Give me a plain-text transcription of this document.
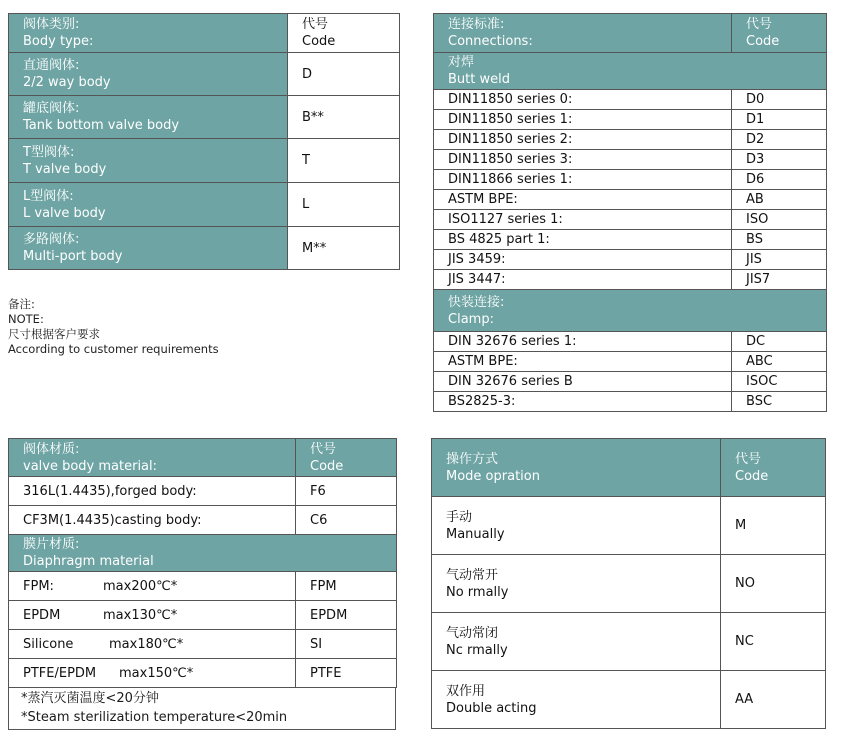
阀体类别:
Body type:	代号
Code

直通阀体:
2/2 way body	D

罐底阀体:
Tank bottom valve body	B**

T型阀体:
T valve body	T

L型阀体:
L valve body	L

多路阀体:
Multi-port body	M**
备注:
NOTE:
尺寸根据客户要求
According to customer requirements
连接标准:
Connections:	代号
Code

对焊
Butt weld	

DIN11850 series 0:	D0
DIN11850 series 1:	D1
DIN11850 series 2:	D2
DIN11850 series 3:	D3
DIN11866 series 1:	D6
ASTM BPE:	AB
ISO1127 series 1:	ISO
BS 4825 part 1:	BS
JIS 3459:	JIS
JIS 3447:	JIS7

快装连接:
Clamp:	

DIN 32676 series 1:	DC
ASTM BPE:	ABC
DIN 32676 series B	ISOC
BS2825-3:	BSC
阀体材质:
valve body material:	代号
Code

316L(1.4435),forged body:	F6
CF3M(1.4435)casting body:	C6

膜片材质:
Diaphragm material	

FPM: max200℃*	FPM
EPDM max130℃*	EPDM
Silicone max180℃*	SI
PTFE/EPDM max150℃*	PTFE
*蒸汽灭菌温度<20分钟
*Steam sterilization temperature<20min
操作方式
Mode opration	代号
Code

手动
Manually	M

气动常开
No rmally	NO

气动常闭
Nc rmally	NC

双作用
Double acting	AA
